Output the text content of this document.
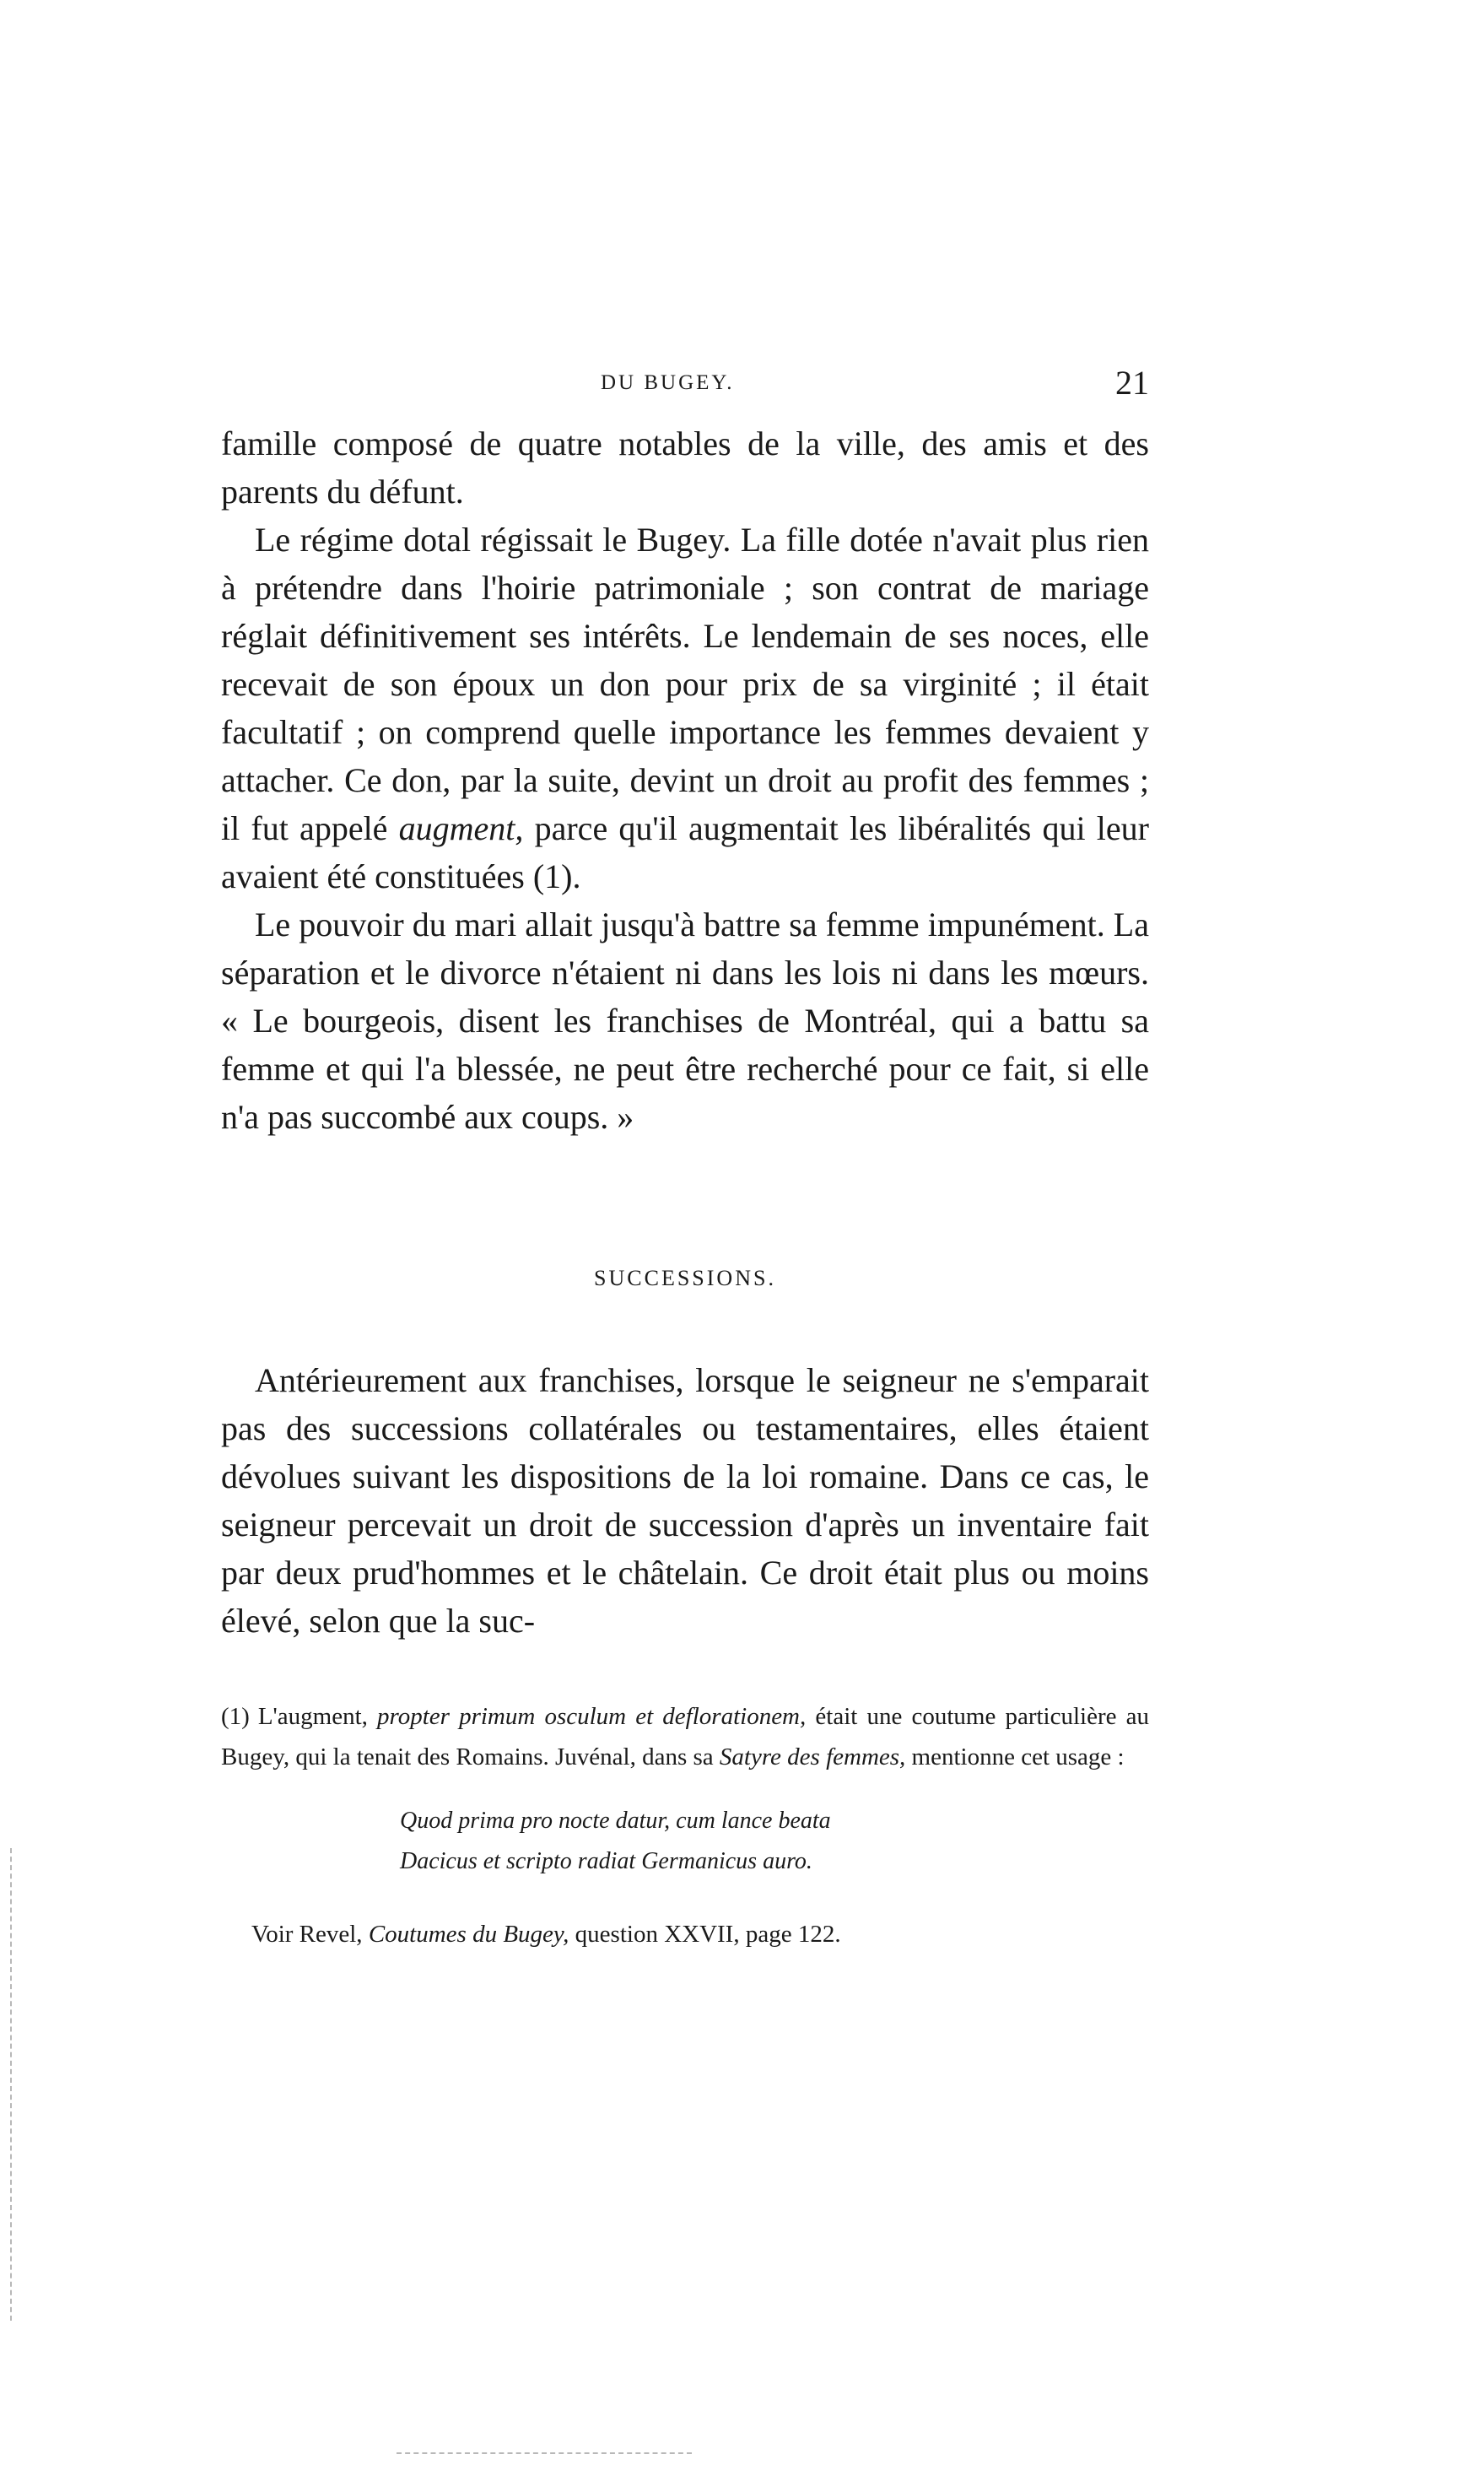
DU BUGEY.	21

famille composé de quatre notables de la ville, des amis et des parents du défunt.

Le régime dotal régissait le Bugey. La fille dotée n'avait plus rien à prétendre dans l'hoirie patrimoniale ; son contrat de mariage réglait définitivement ses intérêts. Le lendemain de ses noces, elle recevait de son époux un don pour prix de sa virginité ; il était facultatif ; on comprend quelle importance les femmes devaient y attacher. Ce don, par la suite, devint un droit au profit des femmes ; il fut appelé augment, parce qu'il augmentait les libéralités qui leur avaient été constituées (1).

Le pouvoir du mari allait jusqu'à battre sa femme impunément. La séparation et le divorce n'étaient ni dans les lois ni dans les mœurs. « Le bourgeois, disent les franchises de Montréal, qui a battu sa femme et qui l'a blessée, ne peut être recherché pour ce fait, si elle n'a pas succombé aux coups. »

SUCCESSIONS.

Antérieurement aux franchises, lorsque le seigneur ne s'emparait pas des successions collatérales ou testamentaires, elles étaient dévolues suivant les dispositions de la loi romaine. Dans ce cas, le seigneur percevait un droit de succession d'après un inventaire fait par deux prud'hommes et le châtelain. Ce droit était plus ou moins élevé, selon que la suc-

(1) L'augment, propter primum osculum et deflorationem, était une coutume particulière au Bugey, qui la tenait des Romains. Juvénal, dans sa Satyre des femmes, mentionne cet usage :

Quod prima pro nocte datur, cum lance beata
Dacicus et scripto radiat Germanicus auro.

Voir Revel, Coutumes du Bugey, question XXVII, page 122.
